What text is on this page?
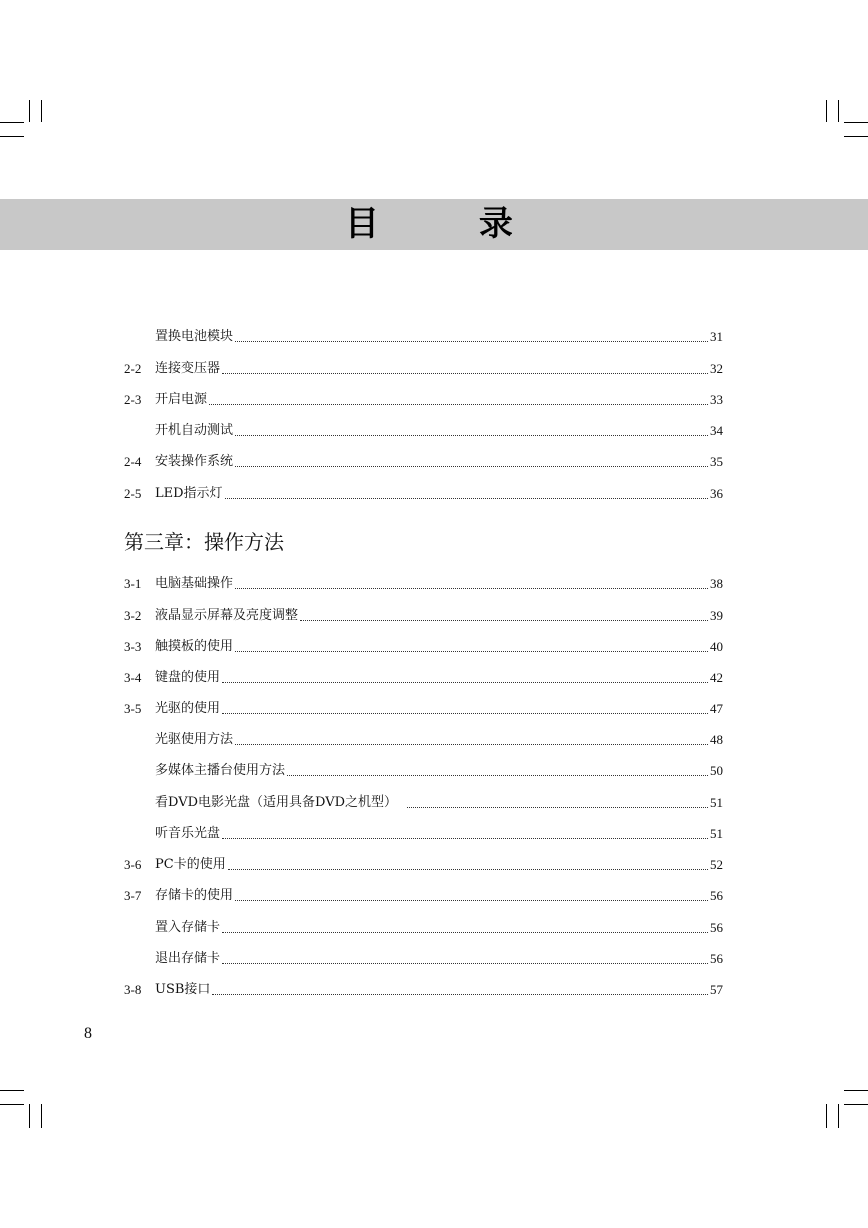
目 录
置换电池模块	31
2-2	连接变压器	32
2-3	开启电源	33
开机自动测试	34
2-4	安装操作系统	35
2-5	LED指示灯	36
第三章：操作方法
3-1	电脑基础操作	38
3-2	液晶显示屏幕及亮度调整	39
3-3	触摸板的使用	40
3-4	键盘的使用	42
3-5	光驱的使用	47
光驱使用方法	48
多媒体主播台使用方法	50
看DVD电影光盘（适用具备DVD之机型）	51
听音乐光盘	51
3-6	PC卡的使用	52
3-7	存储卡的使用	56
置入存储卡	56
退出存储卡	56
3-8	USB接口	57
8
